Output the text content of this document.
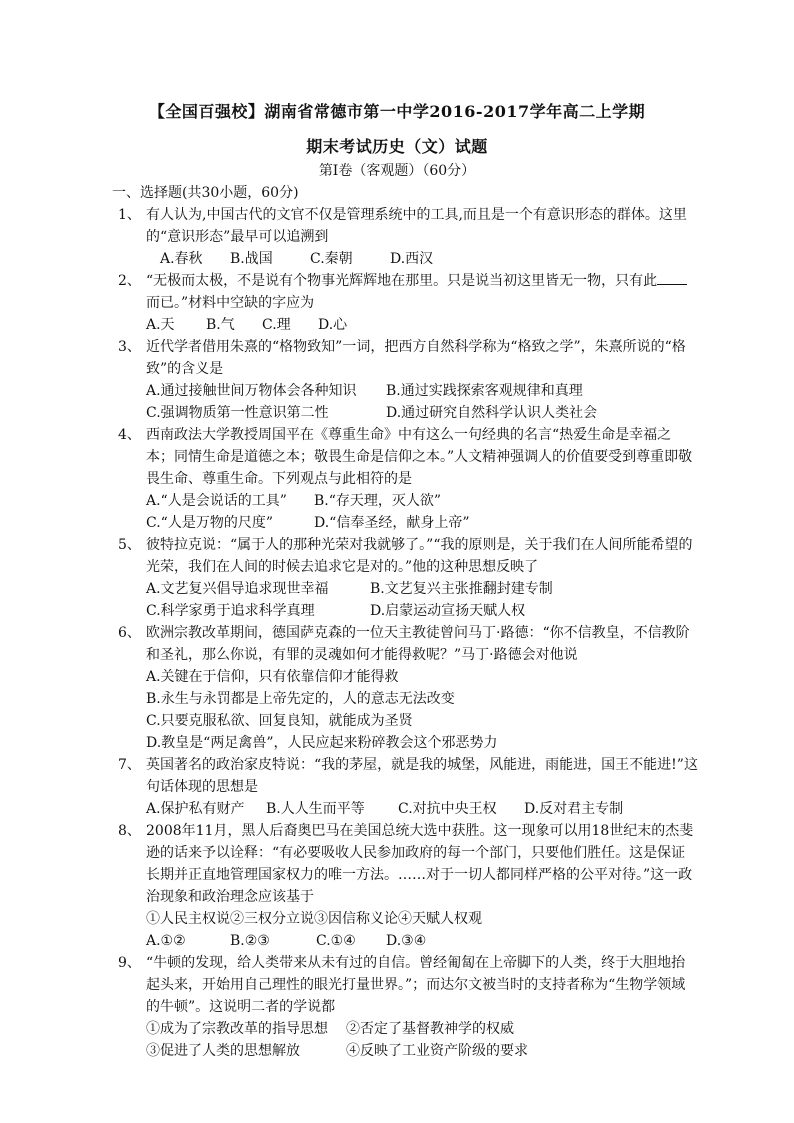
【全国百强校】湖南省常德市第一中学2016-2017学年高二上学期
期末考试历史（文）试题
第I卷（客观题）（60分）
一、选择题(共30小题，60分)
1、 有人认为,中国古代的文官不仅是管理系统中的工具,而且是一个有意识形态的群体。这里的“意识形态”最早可以追溯到
A.春秋	B.战国	C.秦朝	D.西汉
2、 “无极而太极，不是说有个物事光辉辉地在那里。只是说当初这里皆无一物，只有此而已。”材料中空缺的字应为
A.天	B.气	C.理	D.心
3、 近代学者借用朱熹的“格物致知”一词，把西方自然科学称为“格致之学”，朱熹所说的“格致”的含义是
A.通过接触世间万物体会各种知识	B.通过实践探索客观规律和真理
C.强调物质第一性意识第二性	D.通过研究自然科学认识人类社会
4、 西南政法大学教授周国平在《尊重生命》中有这么一句经典的名言“热爱生命是幸福之本；同情生命是道德之本；敬畏生命是信仰之本。”人文精神强调人的价值要受到尊重即敬畏生命、尊重生命。下列观点与此相符的是
A.“人是会说话的工具”	B.“存天理，灭人欲”
C.“人是万物的尺度”	D.“信奉圣经，献身上帝”
5、 彼特拉克说：“属于人的那种光荣对我就够了。”“我的原则是，关于我们在人间所能希望的光荣，我们在人间的时候去追求它是对的。”他的这种思想反映了
A.文艺复兴倡导追求现世幸福	B.文艺复兴主张推翻封建专制
C.科学家勇于追求科学真理	D.启蒙运动宣扬天赋人权
6、 欧洲宗教改革期间，德国萨克森的一位天主教徒曾问马丁·路德：“你不信教皇，不信教阶和圣礼，那么你说，有罪的灵魂如何才能得救呢？”马丁·路德会对他说
A.关键在于信仰，只有依靠信仰才能得救
B.永生与永罚都是上帝先定的，人的意志无法改变
C.只要克服私欲、回复良知，就能成为圣贤
D.教皇是“两足禽兽”，人民应起来粉碎教会这个邪恶势力
7、 英国著名的政治家皮特说：“我的茅屋，就是我的城堡，风能进，雨能进，国王不能进!”这句话体现的思想是
A.保护私有财产	B.人人生而平等	C.对抗中央王权	D.反对君主专制
8、 2008年11月，黑人后裔奥巴马在美国总统大选中获胜。这一现象可以用18世纪末的杰斐逊的话来予以诠释：“有必要吸收人民参加政府的每一个部门，只要他们胜任。这是保证长期并正直地管理国家权力的唯一方法。……对于一切人都同样严格的公平对待。”这一政治现象和政治理念应该基于
①人民主权说②三权分立说③因信称义论④天赋人权观
A.①②	B.②③	C.①④	D.③④
9、 “牛顿的发现，给人类带来从未有过的自信。曾经匍匐在上帝脚下的人类，终于大胆地抬起头来，开始用自己理性的眼光打量世界。”；而达尔文被当时的支持者称为“生物学领域的牛顿”。这说明二者的学说都
①成为了宗教改革的指导思想 ②否定了基督教神学的权威
③促进了人类的思想解放	④反映了工业资产阶级的要求
